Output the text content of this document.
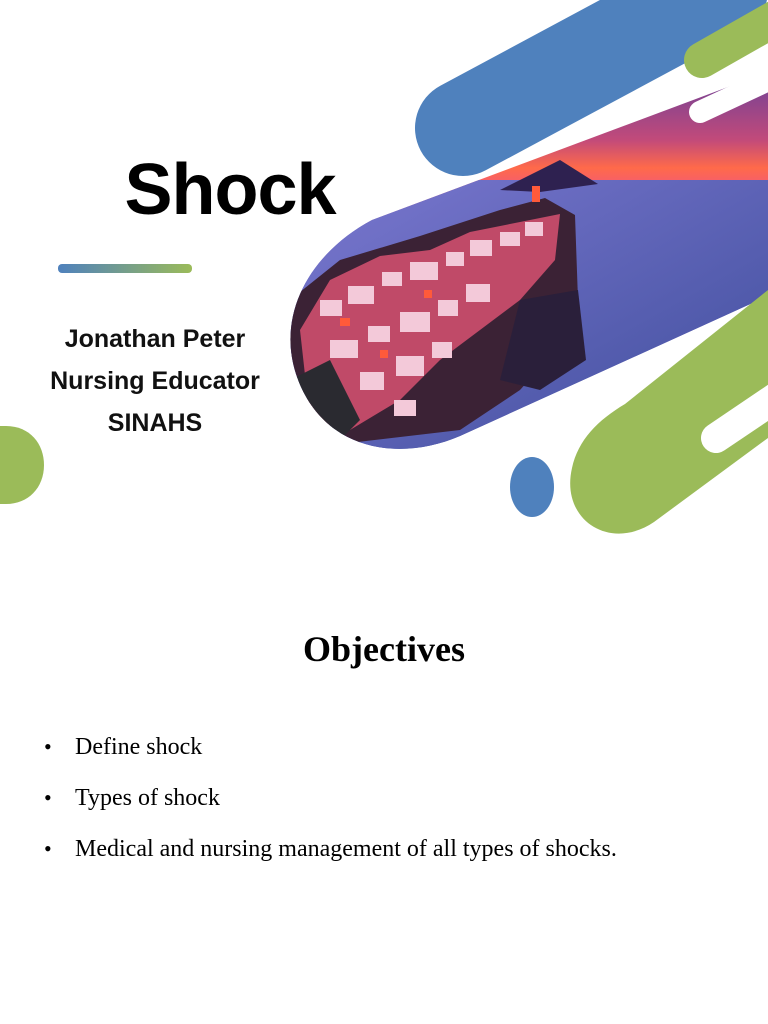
Shock
Jonathan Peter
Nursing Educator
SINAHS
Objectives
• Define shock
• Types of shock
• Medical and nursing management of all types of shocks.
